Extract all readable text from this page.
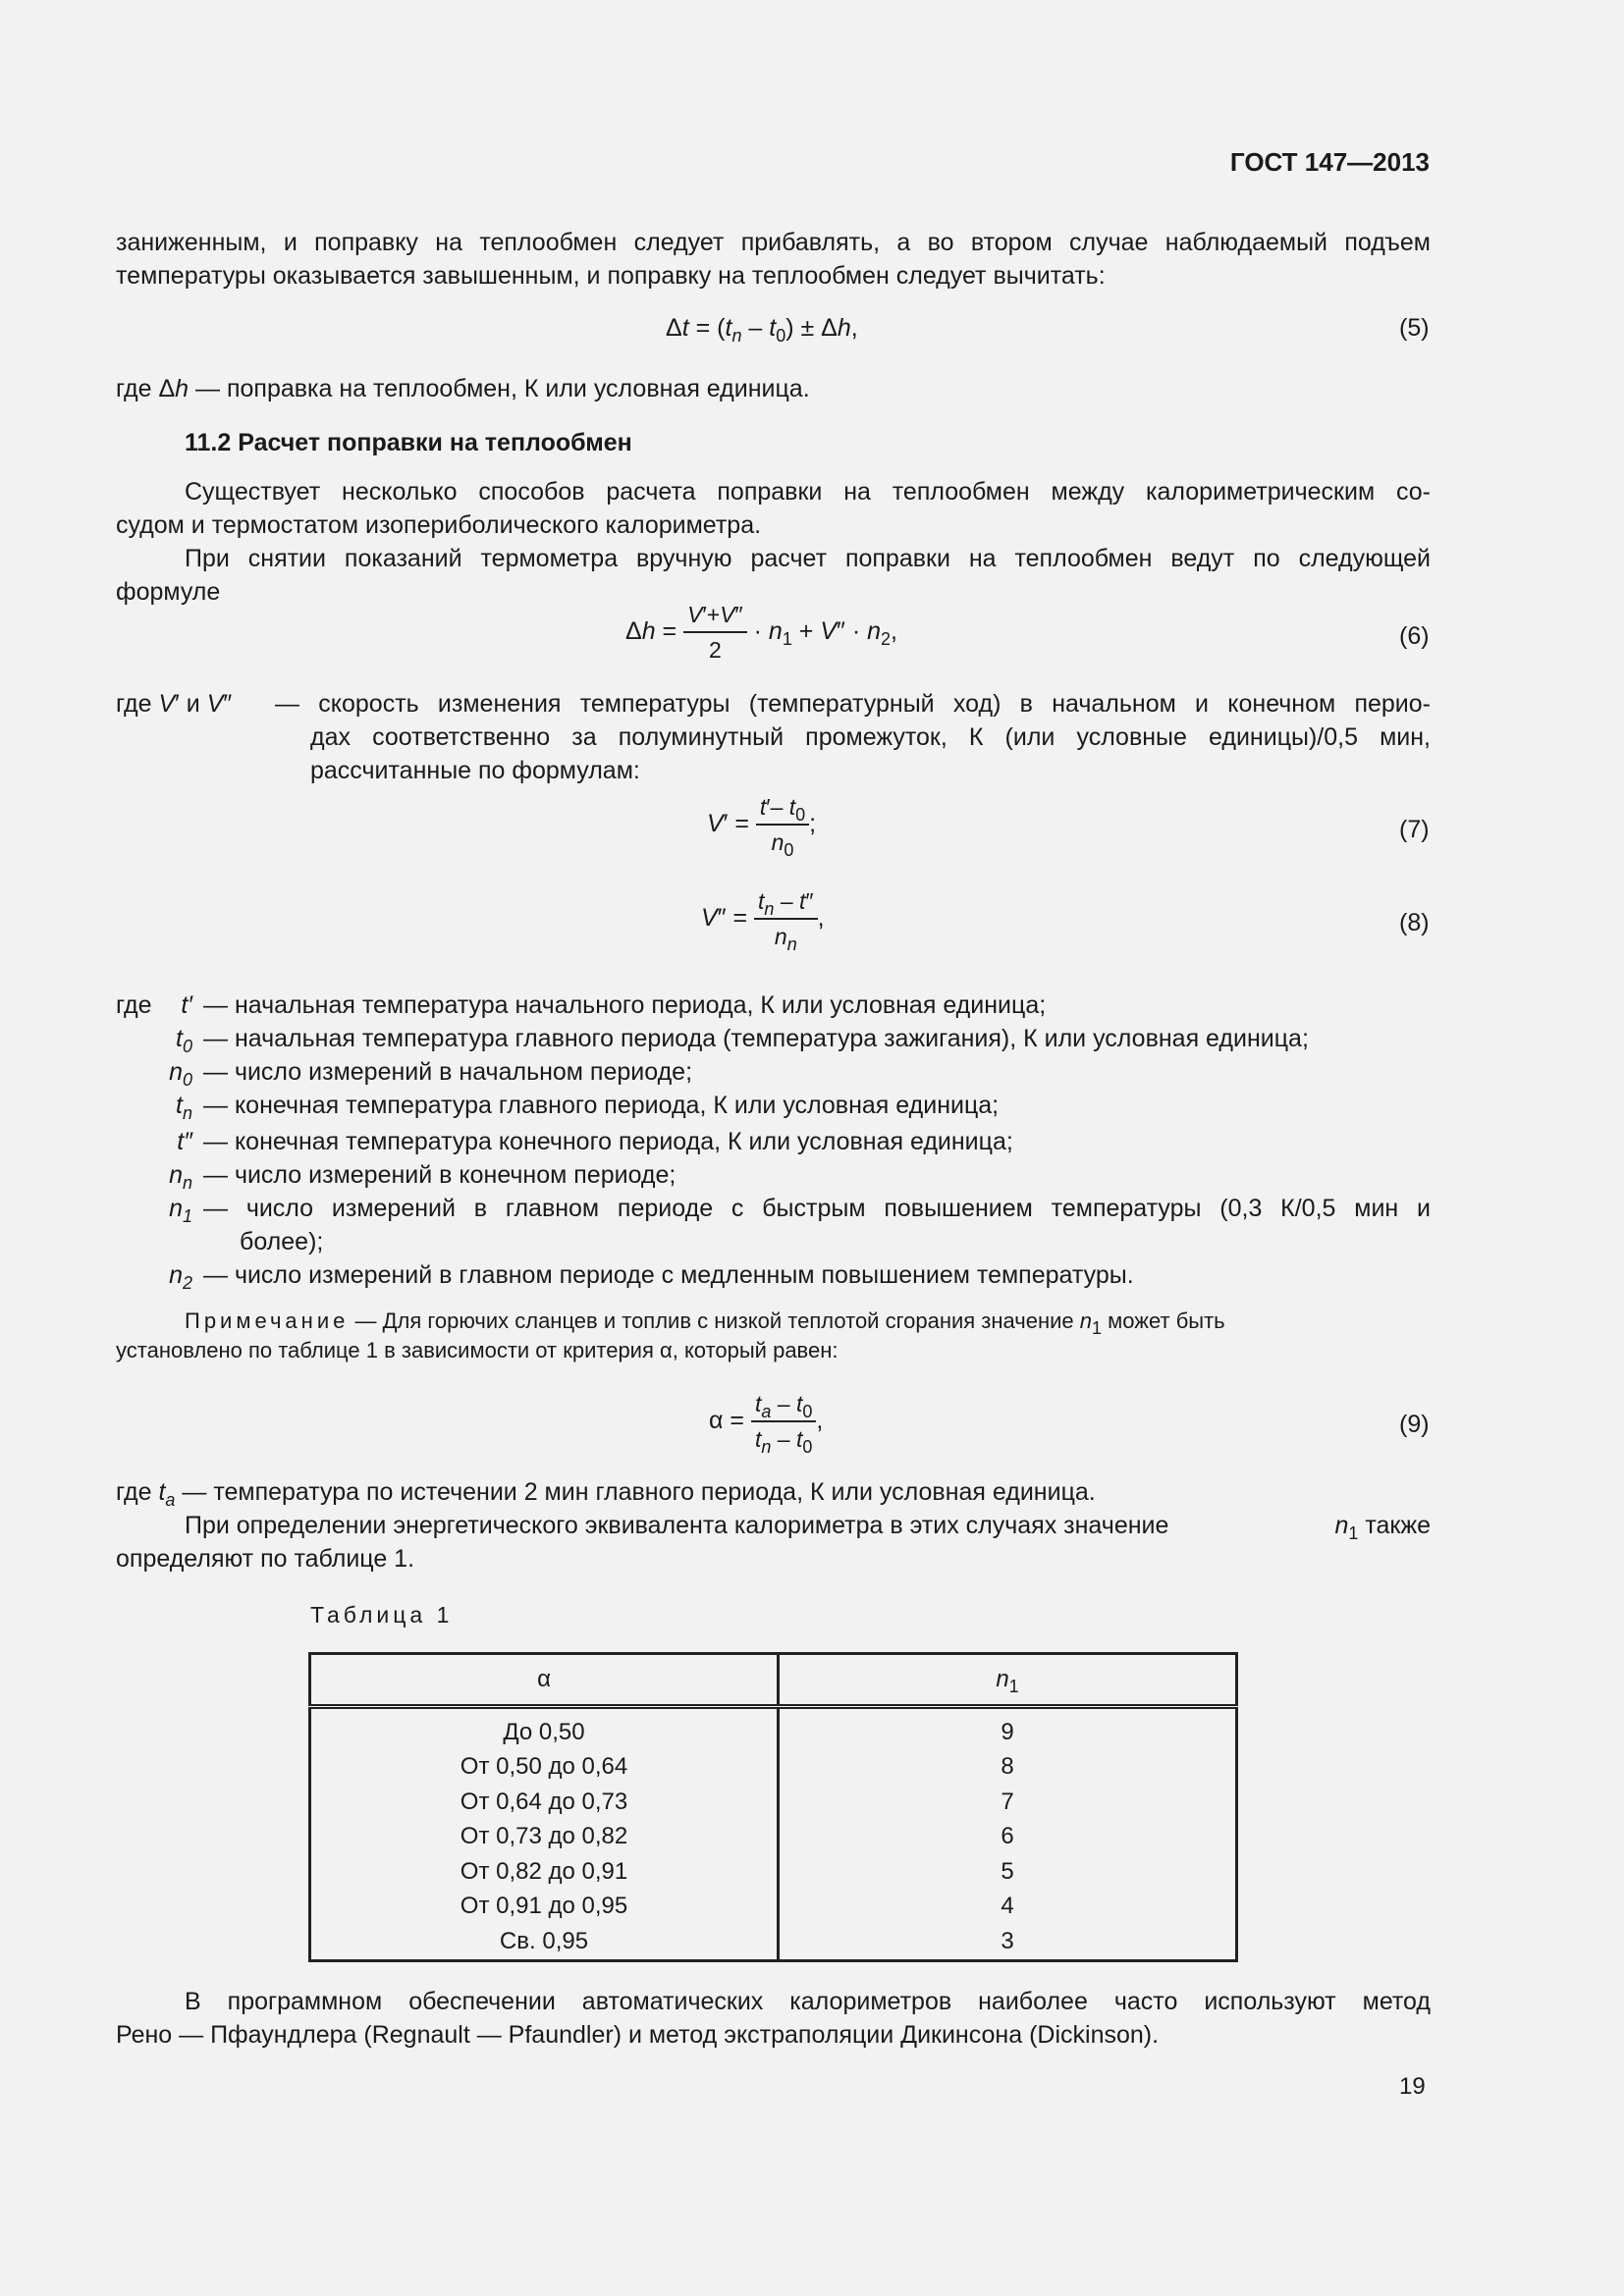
ГОСТ 147—2013
заниженным, и поправку на теплообмен следует прибавлять, а во втором случае наблюдаемый подъем
температуры оказывается завышенным, и поправку на теплообмен следует вычитать:
$\Delta t = (t_n - t_0) \pm \Delta h$,	(5)
где Δh — поправка на теплообмен, К или условная единица.
11.2 Расчет поправки на теплообмен
Существует несколько способов расчета поправки на теплообмен между калориметрическим со-
судом и термостатом изопериболического калориметра.
При снятии показаний термометра вручную расчет поправки на теплообмен ведут по следующей
формуле
$\Delta h = \frac{V'+V''}{2} \cdot n_1 + V'' \cdot n_2$,	(6)
где V′ и V″ — скорость изменения температуры (температурный ход) в начальном и конечном перио-
дах соответственно за полуминутный промежуток, К (или условные единицы)/0,5 мин,
рассчитанные по формулам:
$V' = \frac{t'- t_0}{n_0}$ ;	(7)
$V'' = \frac{t_n - t''}{n_n}$ ,	(8)
где	t′ — начальная температура начального периода, К или условная единица;
$t_0$ — начальная температура главного периода (температура зажигания), К или условная единица;
$n_0$ — число измерений в начальном периоде;
$t_n$ — конечная температура главного периода, К или условная единица;
t″ — конечная температура конечного периода, К или условная единица;
$n_n$ — число измерений в конечном периоде;
$n_1$ — число измерений в главном периоде с быстрым повышением температуры (0,3 К/0,5 мин и
более);
$n_2$ — число измерений в главном периоде с медленным повышением температуры.
Примечание — Для горючих сланцев и топлив с низкой теплотой сгорания значение $n_1$ может быть
установлено по таблице 1 в зависимости от критерия α, который равен:
$\alpha = \frac{t_a - t_0}{t_n - t_0}$ ,	(9)
где $t_a$ — температура по истечении 2 мин главного периода, К или условная единица.
При определении энергетического эквивалента калориметра в этих случаях значение	$n_1$ также
определяют по таблице 1.
Таблица 1
α	$n_1$
До 0,50	9
От 0,50 до 0,64	8
От 0,64 до 0,73	7
От 0,73 до 0,82	6
От 0,82 до 0,91	5
От 0,91 до 0,95	4
Св. 0,95	3
В программном обеспечении автоматических калориметров наиболее часто используют метод
Рено — Пфаундлера (Regnault — Pfaundler) и метод экстраполяции Дикинсона (Dickinson).
19
